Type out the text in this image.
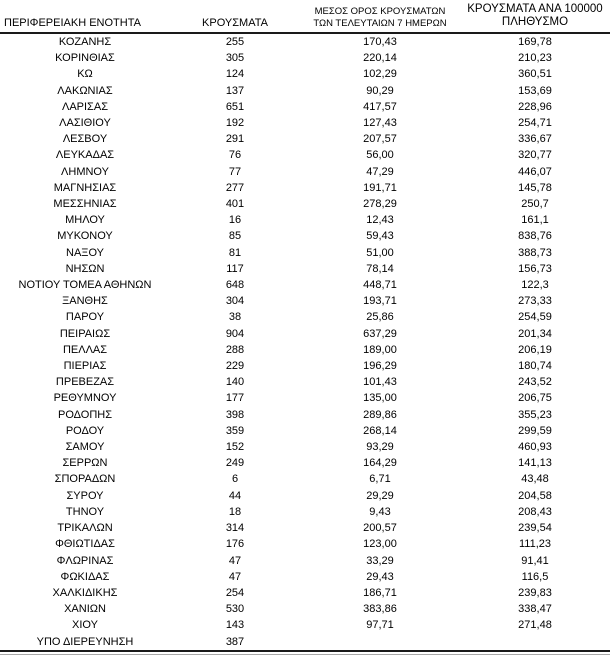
ΠΕΡΙΦΕΡΕΙΑΚΗ ΕΝΟΤΗΤΑ	ΚΡΟΥΣΜΑΤΑ	ΜΕΣΟΣ ΟΡΟΣ ΚΡΟΥΣΜΑΤΩΝ
ΤΩΝ ΤΕΛΕΥΤΑΙΩΝ 7 ΗΜΕΡΩΝ	ΚΡΟΥΣΜΑΤΑ ΑΝΑ 100000
ΠΛΗΘΥΣΜΟ

ΚΟΖΑΝΗΣ	255	170,43	169,78
ΚΟΡΙΝΘΙΑΣ	305	220,14	210,23
ΚΩ	124	102,29	360,51
ΛΑΚΩΝΙΑΣ	137	90,29	153,69
ΛΑΡΙΣΑΣ	651	417,57	228,96
ΛΑΣΙΘΙΟΥ	192	127,43	254,71
ΛΕΣΒΟΥ	291	207,57	336,67
ΛΕΥΚΑΔΑΣ	76	56,00	320,77
ΛΗΜΝΟΥ	77	47,29	446,07
ΜΑΓΝΗΣΙΑΣ	277	191,71	145,78
ΜΕΣΣΗΝΙΑΣ	401	278,29	250,7
ΜΗΛΟΥ	16	12,43	161,1
ΜΥΚΟΝΟΥ	85	59,43	838,76
ΝΑΞΟΥ	81	51,00	388,73
ΝΗΣΩΝ	117	78,14	156,73
ΝΟΤΙΟΥ ΤΟΜΕΑ ΑΘΗΝΩΝ	648	448,71	122,3
ΞΑΝΘΗΣ	304	193,71	273,33
ΠΑΡΟΥ	38	25,86	254,59
ΠΕΙΡΑΙΩΣ	904	637,29	201,34
ΠΕΛΛΑΣ	288	189,00	206,19
ΠΙΕΡΙΑΣ	229	196,29	180,74
ΠΡΕΒΕΖΑΣ	140	101,43	243,52
ΡΕΘΥΜΝΟΥ	177	135,00	206,75
ΡΟΔΟΠΗΣ	398	289,86	355,23
ΡΟΔΟΥ	359	268,14	299,59
ΣΑΜΟΥ	152	93,29	460,93
ΣΕΡΡΩΝ	249	164,29	141,13
ΣΠΟΡΑΔΩΝ	6	6,71	43,48
ΣΥΡΟΥ	44	29,29	204,58
ΤΗΝΟΥ	18	9,43	208,43
ΤΡΙΚΑΛΩΝ	314	200,57	239,54
ΦΘΙΩΤΙΔΑΣ	176	123,00	111,23
ΦΛΩΡΙΝΑΣ	47	33,29	91,41
ΦΩΚΙΔΑΣ	47	29,43	116,5
ΧΑΛΚΙΔΙΚΗΣ	254	186,71	239,83
ΧΑΝΙΩΝ	530	383,86	338,47
ΧΙΟΥ	143	97,71	271,48
ΥΠΟ ΔΙΕΡΕΥΝΗΣΗ	387		
